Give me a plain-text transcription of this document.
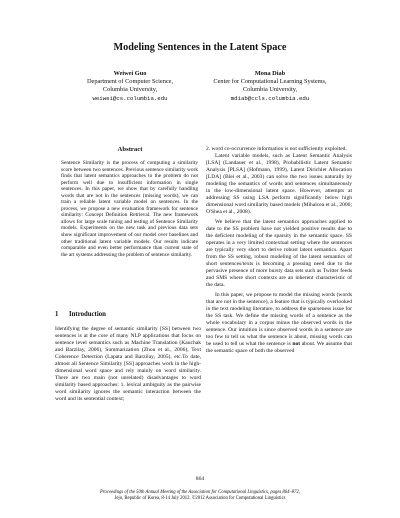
Modeling Sentences in the Latent Space
Weiwei Guo
Department of Computer Science,
Columbia University,
weiwei@cs.columbia.edu
Mona Diab
Center for Computational Learning Systems,
Columbia University,
mdiab@ccls.columbia.edu
Abstract
Sentence Similarity is the process of computing a similarity score between two sentences. Previous sentence similarity work finds that latent semantics approaches to the problem do not perform well due to insufficient information in single sentences. In this paper, we show that by carefully handling words that are not in the sentences (missing words), we can train a reliable latent variable model on sentences. In the process, we propose a new evaluation framework for sentence similarity: Concept Definition Retrieval. The new framework allows for large scale tuning and testing of Sentence Similarity models. Experiments on the new task and previous data sets show significant improvement of our model over baselines and other traditional latent variable models. Our results indicate comparable and even better performance than current state of the art systems addressing the problem of sentence similarity.
1 Introduction

Identifying the degree of semantic similarity [SS] between two sentences is at the core of many NLP applications that focus on sentence level semantics such as Machine Translation (Kauchak and Barzilay, 2006), Summarization (Zhou et al., 2006), Text Coherence Detection (Lapata and Barzilay, 2005), etc.To date, almost all Sentence Similarity [SS] approaches work in the high-dimensional word space and rely mainly on word similarity. There are two main (not unrelated) disadvantages to word similarity based approaches: 1. lexical ambiguity as the pairwise word similarity ignores the semantic interaction between the word and its sentential context;

2. word co-occurrence information is not sufficiently exploited.

Latent variable models, such as Latent Semantic Analysis [LSA] (Landauer et al., 1998), Probabilistic Latent Semantic Analysis [PLSA] (Hofmann, 1999), Latent Dirichlet Allocation [LDA] (Blei et al., 2003) can solve the two issues naturally by modeling the semantics of words and sentences simultaneously in the low-dimensional latent space. However, attempts at addressing SS using LSA perform significantly below high dimensional word similarity based models (Mihalcea et al., 2006; O'Shea et al., 2008).

We believe that the latent semantics approaches applied to date to the SS problem have not yielded positive results due to the deficient modeling of the sparsity in the semantic space. SS operates in a very limited contextual setting where the sentences are typically very short to derive robust latent semantics. Apart from the SS setting, robust modeling of the latent semantics of short sentences/texts is becoming a pressing need due to the pervasive presence of more bursty data sets such as Twitter feeds and SMS where short contexts are an inherent characteristic of the data.

In this paper, we propose to model the missing words (words that are not in the sentence), a feature that is typically overlooked in the text modeling literature, to address the sparseness issue for the SS task. We define the missing words of a sentence as the whole vocabulary in a corpus minus the observed words in the sentence. Our intuition is since observed words in a sentence are too few to tell us what the sentence is about, missing words can be used to tell us what the sentence is not about. We assume that the semantic space of both the observed

864
Proceedings of the 50th Annual Meeting of the Association for Computational Linguistics, pages 864–872,
Jeju, Republic of Korea, 8-14 July 2012. ©2012 Association for Computational Linguistics
